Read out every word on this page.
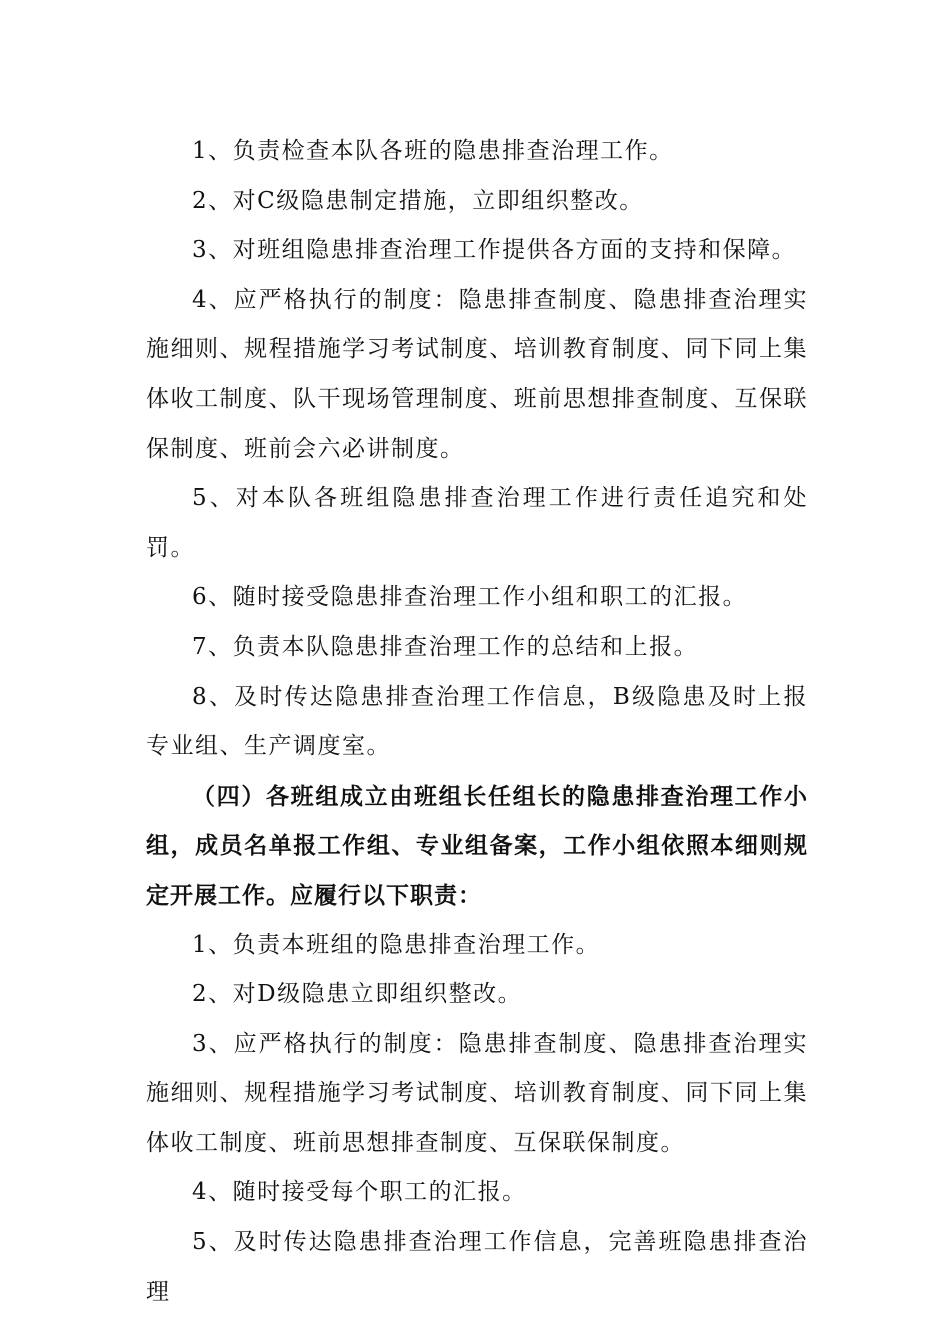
1、负责检查本队各班的隐患排查治理工作。

2、对C级隐患制定措施，立即组织整改。

3、对班组隐患排查治理工作提供各方面的支持和保障。

4、应严格执行的制度：隐患排查制度、隐患排查治理实施细则、规程措施学习考试制度、培训教育制度、同下同上集体收工制度、队干现场管理制度、班前思想排查制度、互保联保制度、班前会六必讲制度。

5、对本队各班组隐患排查治理工作进行责任追究和处罚。

6、随时接受隐患排查治理工作小组和职工的汇报。

7、负责本队隐患排查治理工作的总结和上报。

8、及时传达隐患排查治理工作信息，B级隐患及时上报专业组、生产调度室。

（四）各班组成立由班组长任组长的隐患排查治理工作小组，成员名单报工作组、专业组备案，工作小组依照本细则规定开展工作。应履行以下职责：

1、负责本班组的隐患排查治理工作。

2、对D级隐患立即组织整改。

3、应严格执行的制度：隐患排查制度、隐患排查治理实施细则、规程措施学习考试制度、培训教育制度、同下同上集体收工制度、班前思想排查制度、互保联保制度。

4、随时接受每个职工的汇报。

5、及时传达隐患排查治理工作信息，完善班隐患排查治理
